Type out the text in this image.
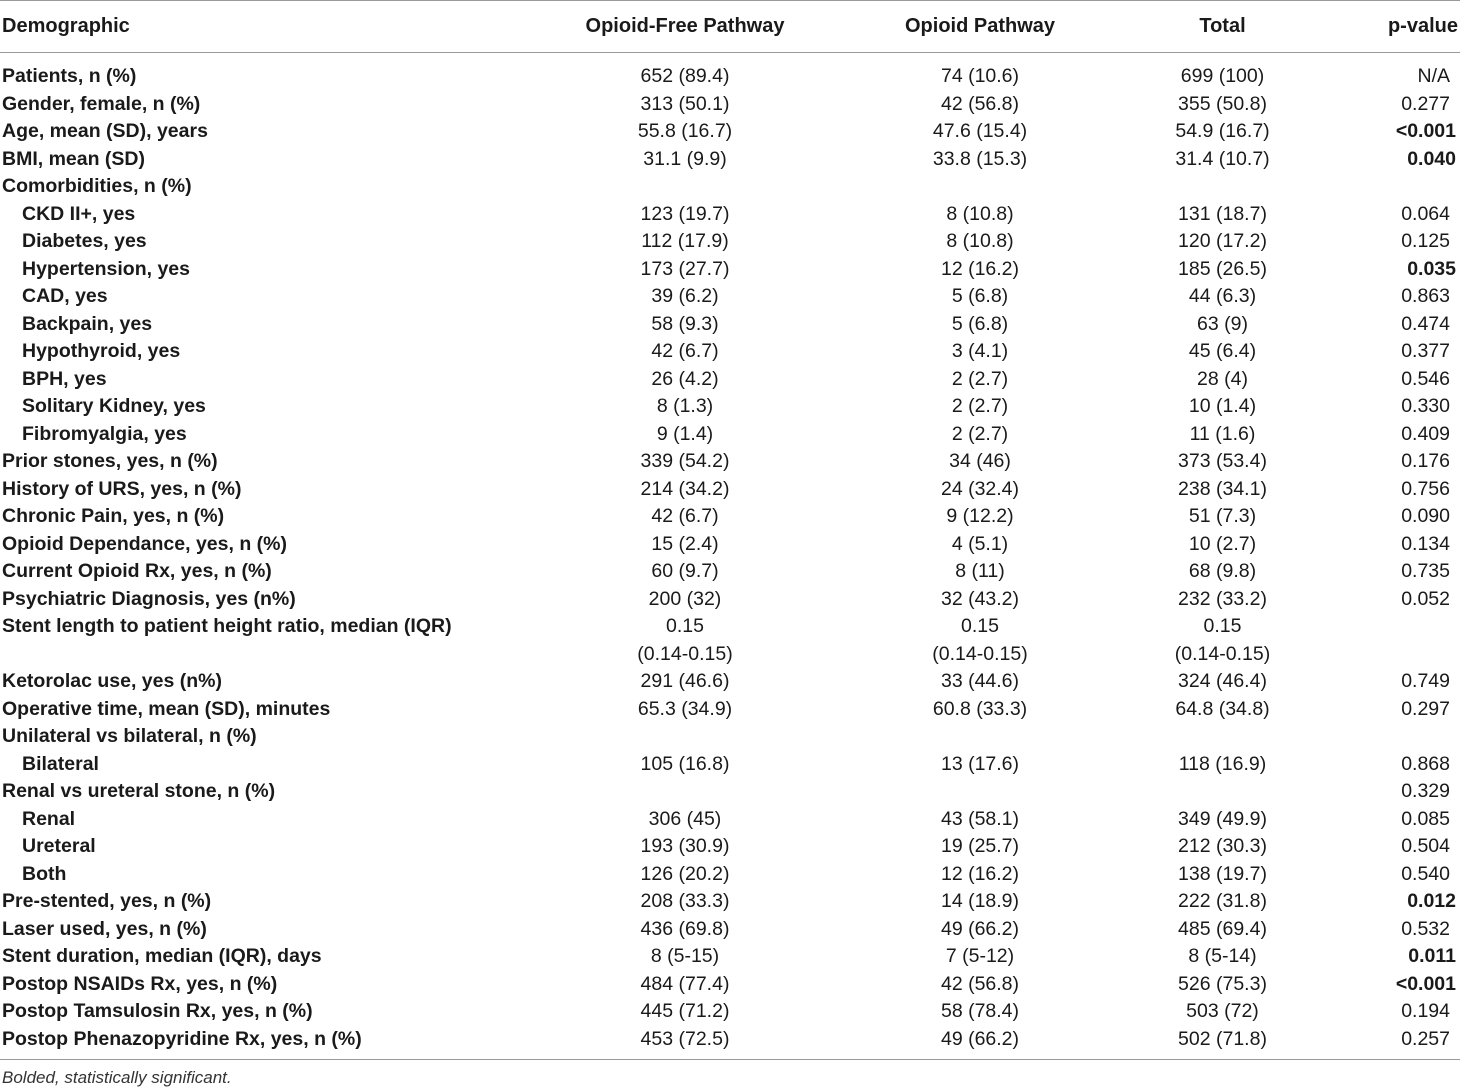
Demographic	Opioid-Free Pathway	Opioid Pathway	Total	p-value
Patients, n (%)	652 (89.4)	74 (10.6)	699 (100)	N/A
Gender, female, n (%)	313 (50.1)	42 (56.8)	355 (50.8)	0.277
Age, mean (SD), years	55.8 (16.7)	47.6 (15.4)	54.9 (16.7)	<0.001
BMI, mean (SD)	31.1 (9.9)	33.8 (15.3)	31.4 (10.7)	0.040
Comorbidities, n (%)				
CKD II+, yes	123 (19.7)	8 (10.8)	131 (18.7)	0.064
Diabetes, yes	112 (17.9)	8 (10.8)	120 (17.2)	0.125
Hypertension, yes	173 (27.7)	12 (16.2)	185 (26.5)	0.035
CAD, yes	39 (6.2)	5 (6.8)	44 (6.3)	0.863
Backpain, yes	58 (9.3)	5 (6.8)	63 (9)	0.474
Hypothyroid, yes	42 (6.7)	3 (4.1)	45 (6.4)	0.377
BPH, yes	26 (4.2)	2 (2.7)	28 (4)	0.546
Solitary Kidney, yes	8 (1.3)	2 (2.7)	10 (1.4)	0.330
Fibromyalgia, yes	9 (1.4)	2 (2.7)	11 (1.6)	0.409
Prior stones, yes, n (%)	339 (54.2)	34 (46)	373 (53.4)	0.176
History of URS, yes, n (%)	214 (34.2)	24 (32.4)	238 (34.1)	0.756
Chronic Pain, yes, n (%)	42 (6.7)	9 (12.2)	51 (7.3)	0.090
Opioid Dependance, yes, n (%)	15 (2.4)	4 (5.1)	10 (2.7)	0.134
Current Opioid Rx, yes, n (%)	60 (9.7)	8 (11)	68 (9.8)	0.735
Psychiatric Diagnosis, yes (n%)	200 (32)	32 (43.2)	232 (33.2)	0.052
Stent length to patient height ratio, median (IQR)	0.15	0.15	0.15	
	(0.14-0.15)	(0.14-0.15)	(0.14-0.15)	
Ketorolac use, yes (n%)	291 (46.6)	33 (44.6)	324 (46.4)	0.749
Operative time, mean (SD), minutes	65.3 (34.9)	60.8 (33.3)	64.8 (34.8)	0.297
Unilateral vs bilateral, n (%)				
Bilateral	105 (16.8)	13 (17.6)	118 (16.9)	0.868
Renal vs ureteral stone, n (%)				0.329
Renal	306 (45)	43 (58.1)	349 (49.9)	0.085
Ureteral	193 (30.9)	19 (25.7)	212 (30.3)	0.504
Both	126 (20.2)	12 (16.2)	138 (19.7)	0.540
Pre-stented, yes, n (%)	208 (33.3)	14 (18.9)	222 (31.8)	0.012
Laser used, yes, n (%)	436 (69.8)	49 (66.2)	485 (69.4)	0.532
Stent duration, median (IQR), days	8 (5-15)	7 (5-12)	8 (5-14)	0.011
Postop NSAIDs Rx, yes, n (%)	484 (77.4)	42 (56.8)	526 (75.3)	<0.001
Postop Tamsulosin Rx, yes, n (%)	445 (71.2)	58 (78.4)	503 (72)	0.194
Postop Phenazopyridine Rx, yes, n (%)	453 (72.5)	49 (66.2)	502 (71.8)	0.257
Bolded, statistically significant.
